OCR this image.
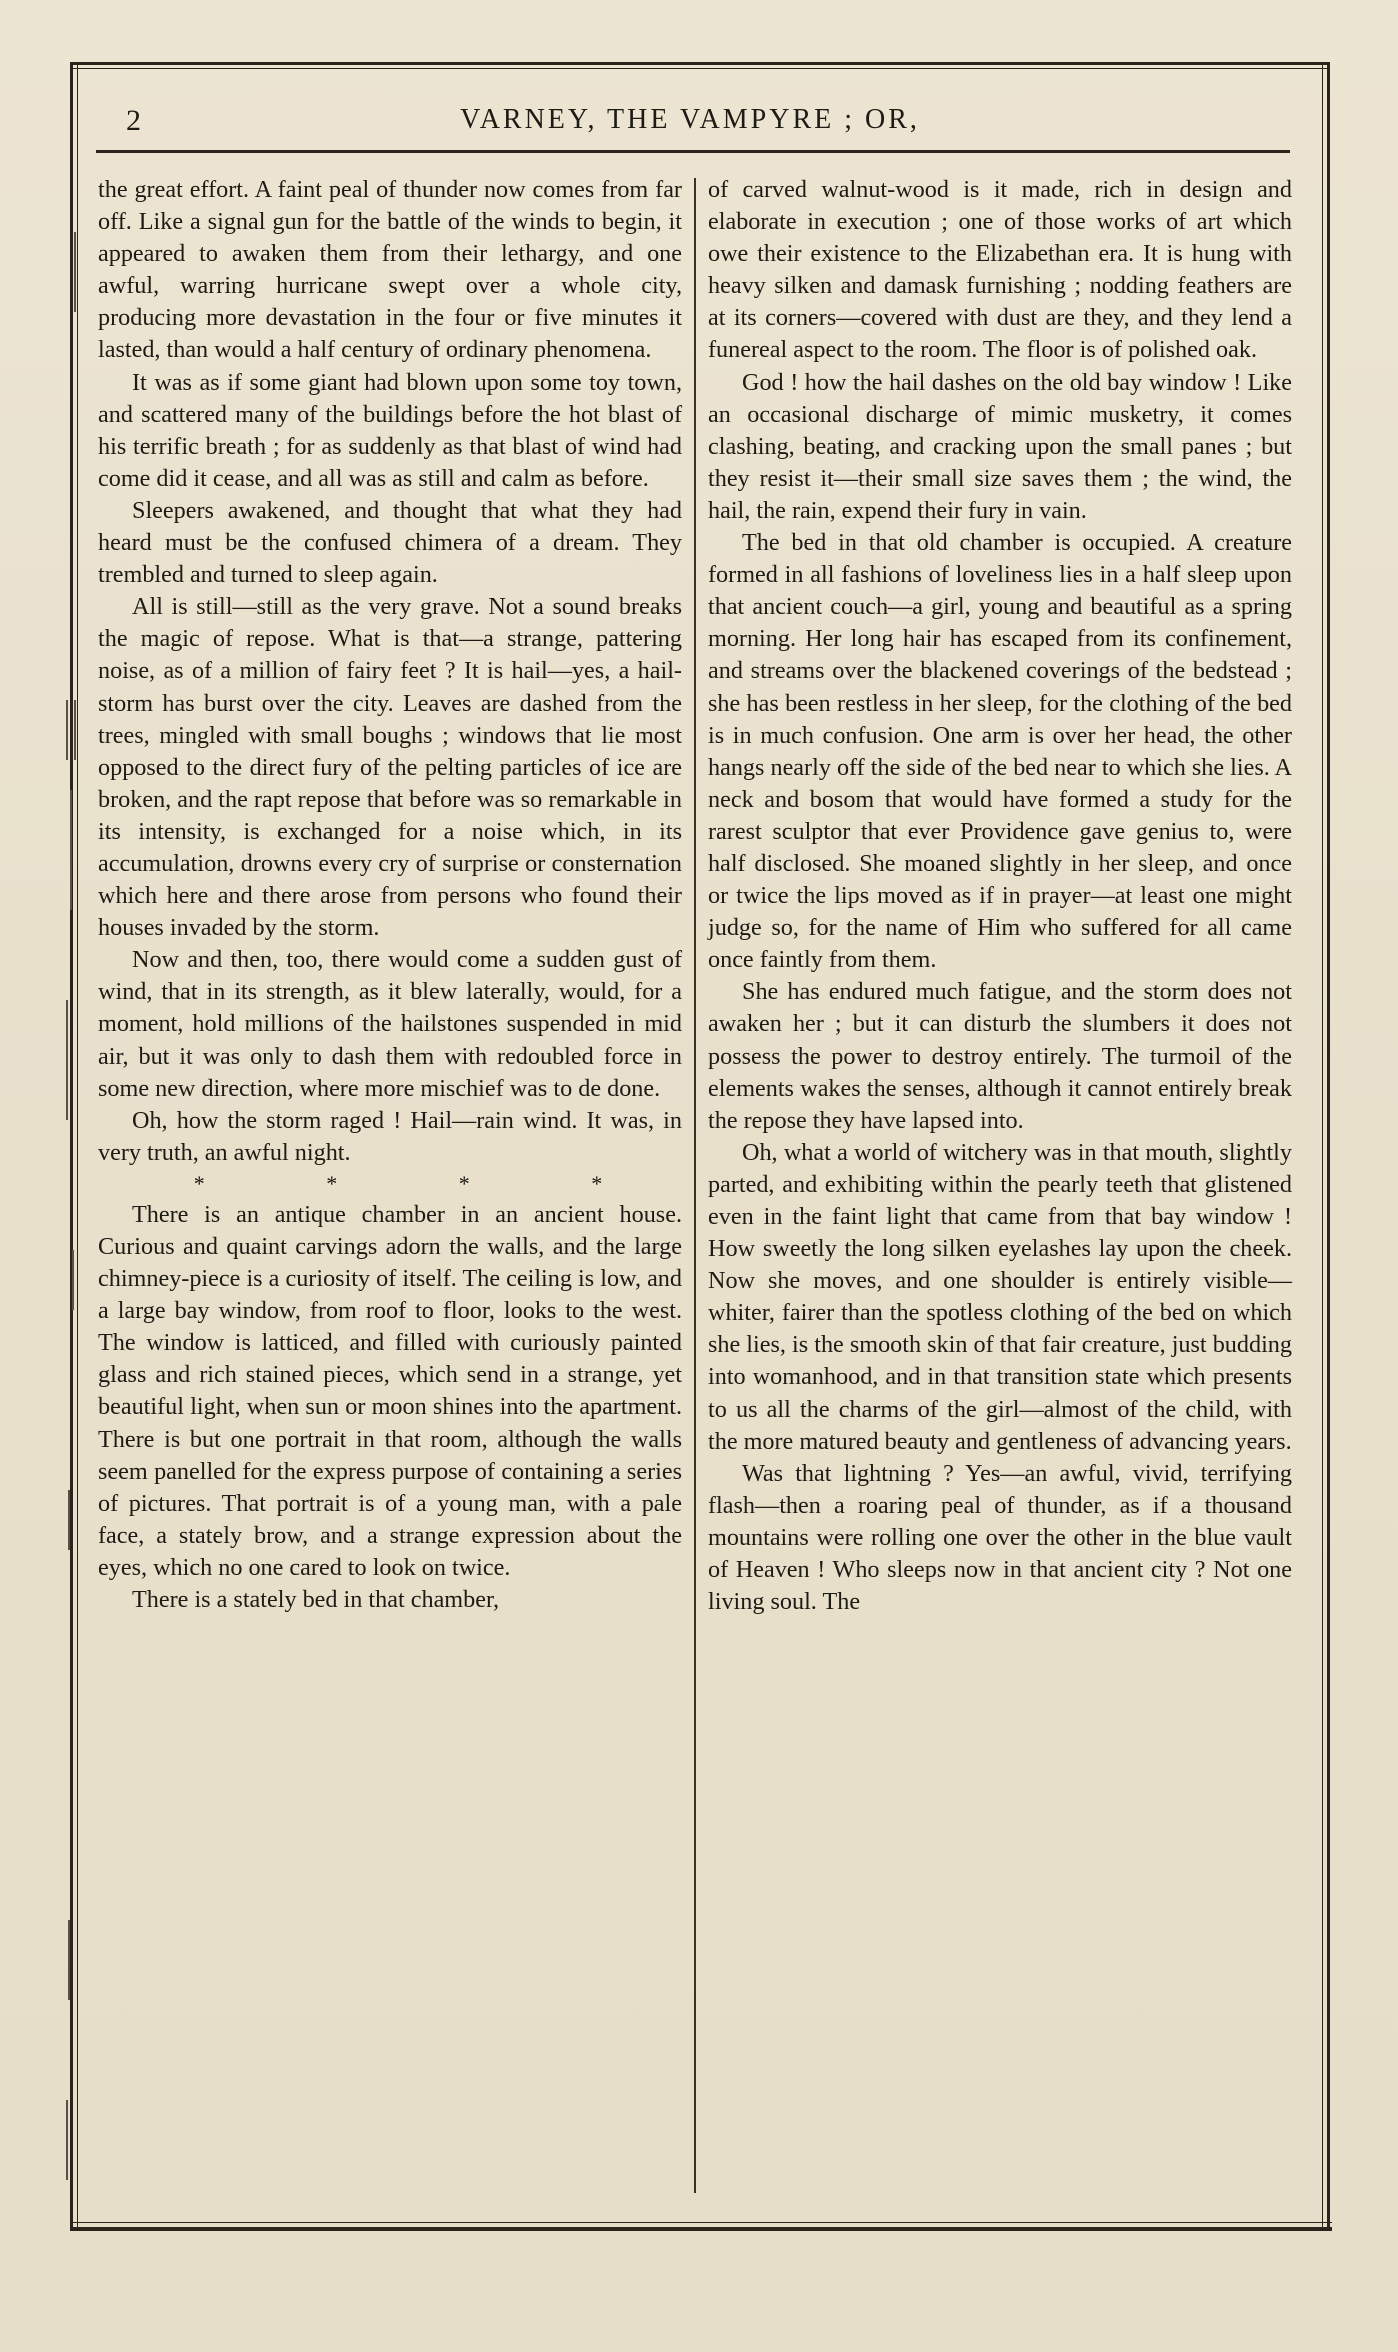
2	VARNEY, THE VAMPYRE ; OR,

the great effort. A faint peal of thunder now comes from far off. Like a signal gun for the battle of the winds to begin, it appeared to awaken them from their lethargy, and one awful, warring hurricane swept over a whole city, producing more devastation in the four or five minutes it lasted, than would a half century of ordinary phenomena.

It was as if some giant had blown upon some toy town, and scattered many of the buildings before the hot blast of his terrific breath ; for as suddenly as that blast of wind had come did it cease, and all was as still and calm as before.

Sleepers awakened, and thought that what they had heard must be the confused chimera of a dream. They trembled and turned to sleep again.

All is still—still as the very grave. Not a sound breaks the magic of repose. What is that—a strange, pattering noise, as of a million of fairy feet ? It is hail—yes, a hail-storm has burst over the city. Leaves are dashed from the trees, mingled with small boughs ; windows that lie most opposed to the direct fury of the pelting particles of ice are broken, and the rapt repose that before was so remarkable in its intensity, is exchanged for a noise which, in its accumulation, drowns every cry of surprise or consternation which here and there arose from persons who found their houses invaded by the storm.

Now and then, too, there would come a sudden gust of wind, that in its strength, as it blew laterally, would, for a moment, hold millions of the hailstones suspended in mid air, but it was only to dash them with redoubled force in some new direction, where more mischief was to de done.

Oh, how the storm raged ! Hail—rain wind. It was, in very truth, an awful night.

* * * *

There is an antique chamber in an ancient house. Curious and quaint carvings adorn the walls, and the large chimney-piece is a curiosity of itself. The ceiling is low, and a large bay window, from roof to floor, looks to the west. The window is latticed, and filled with curiously painted glass and rich stained pieces, which send in a strange, yet beautiful light, when sun or moon shines into the apartment. There is but one portrait in that room, although the walls seem panelled for the express purpose of containing a series of pictures. That portrait is of a young man, with a pale face, a stately brow, and a strange expression about the eyes, which no one cared to look on twice.

There is a stately bed in that chamber,

of carved walnut-wood is it made, rich in design and elaborate in execution ; one of those works of art which owe their existence to the Elizabethan era. It is hung with heavy silken and damask furnishing ; nodding feathers are at its corners—covered with dust are they, and they lend a funereal aspect to the room. The floor is of polished oak.

God ! how the hail dashes on the old bay window ! Like an occasional discharge of mimic musketry, it comes clashing, beating, and cracking upon the small panes ; but they resist it—their small size saves them ; the wind, the hail, the rain, expend their fury in vain.

The bed in that old chamber is occupied. A creature formed in all fashions of loveliness lies in a half sleep upon that ancient couch—a girl, young and beautiful as a spring morning. Her long hair has escaped from its confinement, and streams over the blackened coverings of the bedstead ; she has been restless in her sleep, for the clothing of the bed is in much confusion. One arm is over her head, the other hangs nearly off the side of the bed near to which she lies. A neck and bosom that would have formed a study for the rarest sculptor that ever Providence gave genius to, were half disclosed. She moaned slightly in her sleep, and once or twice the lips moved as if in prayer—at least one might judge so, for the name of Him who suffered for all came once faintly from them.

She has endured much fatigue, and the storm does not awaken her ; but it can disturb the slumbers it does not possess the power to destroy entirely. The turmoil of the elements wakes the senses, although it cannot entirely break the repose they have lapsed into.

Oh, what a world of witchery was in that mouth, slightly parted, and exhibiting within the pearly teeth that glistened even in the faint light that came from that bay window ! How sweetly the long silken eyelashes lay upon the cheek. Now she moves, and one shoulder is entirely visible—whiter, fairer than the spotless clothing of the bed on which she lies, is the smooth skin of that fair creature, just budding into womanhood, and in that transition state which presents to us all the charms of the girl—almost of the child, with the more matured beauty and gentleness of advancing years.

Was that lightning ? Yes—an awful, vivid, terrifying flash—then a roaring peal of thunder, as if a thousand mountains were rolling one over the other in the blue vault of Heaven ! Who sleeps now in that ancient city ? Not one living soul. The
